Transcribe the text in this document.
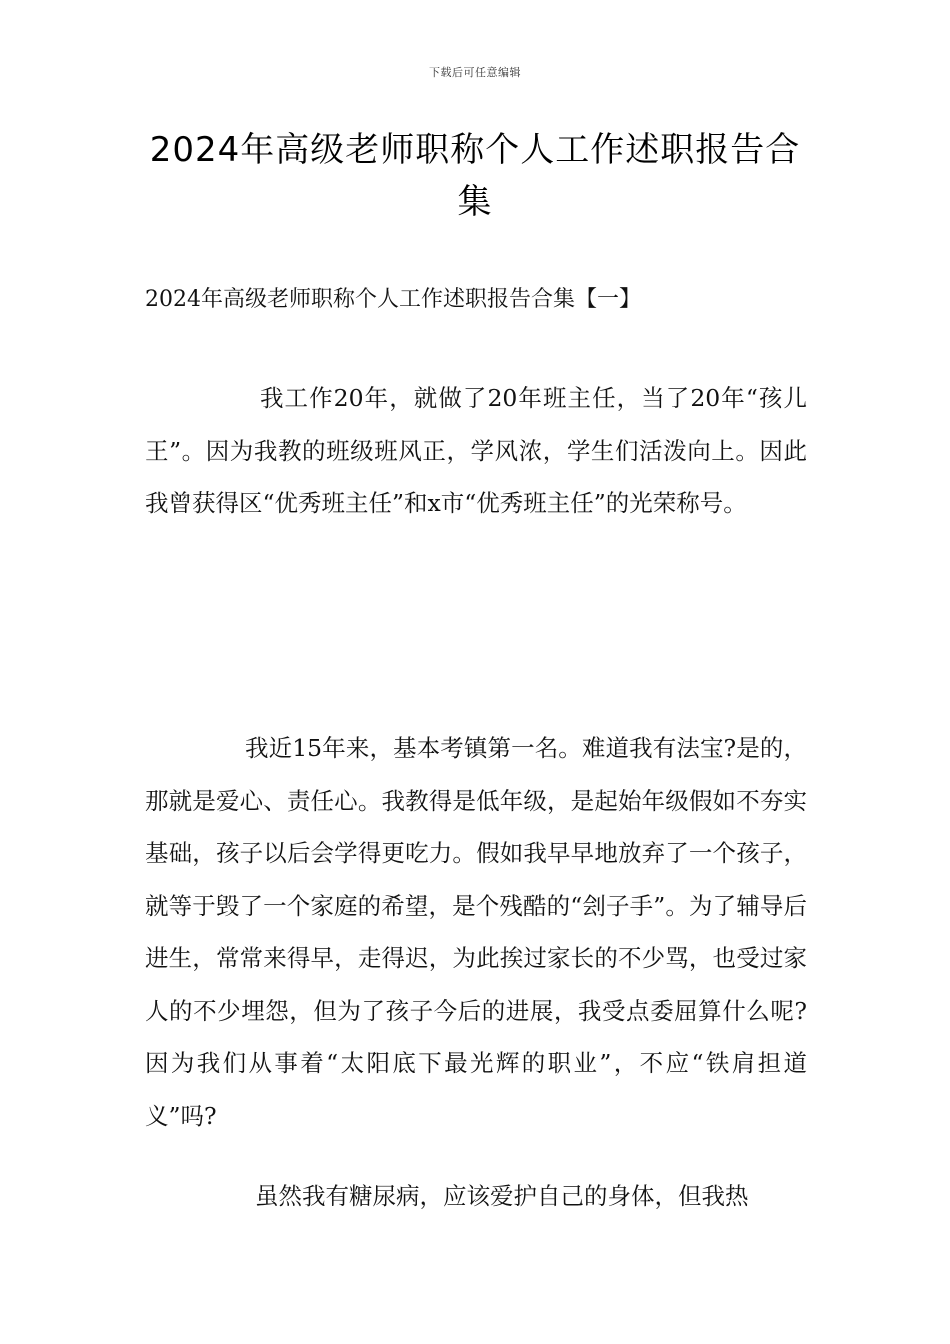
下载后可任意编辑
2024年高级老师职称个人工作述职报告合集
2024年高级老师职称个人工作述职报告合集【一】

我工作20年，就做了20年班主任，当了20年“孩儿王”。因为我教的班级班风正，学风浓，学生们活泼向上。因此我曾获得区“优秀班主任”和x市“优秀班主任”的光荣称号。

我近15年来，基本考镇第一名。难道我有法宝?是的，那就是爱心、责任心。我教得是低年级，是起始年级假如不夯实基础，孩子以后会学得更吃力。假如我早早地放弃了一个孩子，就等于毁了一个家庭的希望，是个残酷的“刽子手”。为了辅导后进生，常常来得早，走得迟，为此挨过家长的不少骂，也受过家人的不少埋怨，但为了孩子今后的进展，我受点委屈算什么呢?因为我们从事着“太阳底下最光辉的职业”，不应“铁肩担道义”吗?

虽然我有糖尿病，应该爱护自己的身体，但我热
